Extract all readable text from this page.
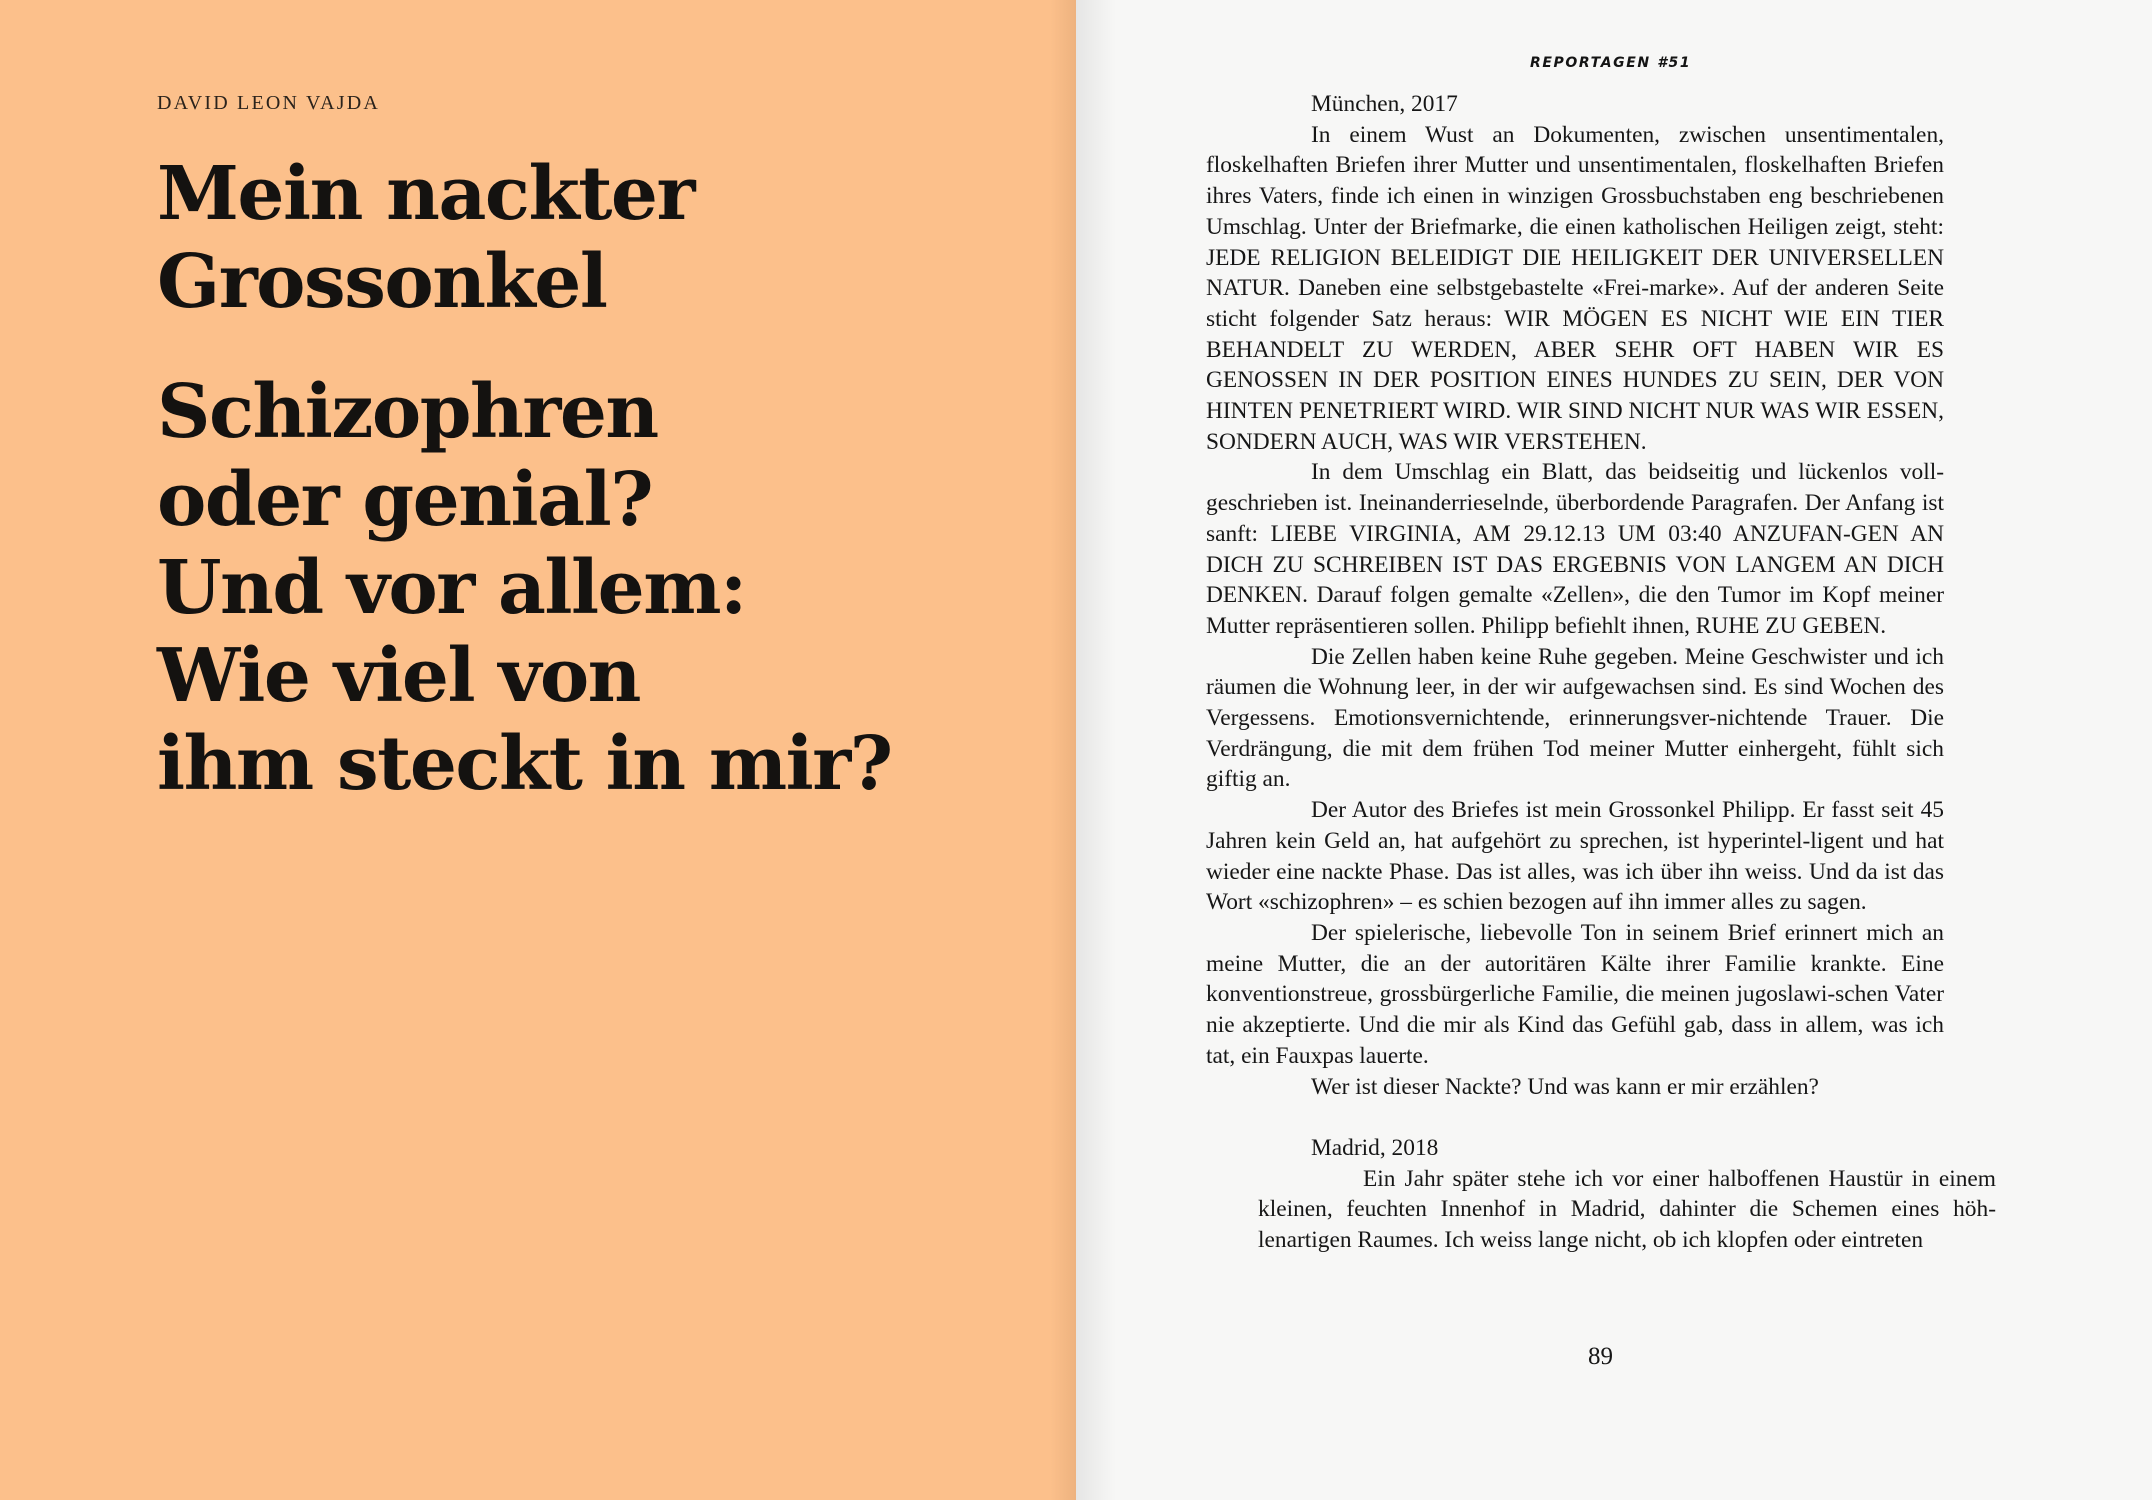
DAVID LEON VAJDA
Mein nackter
Grossonkel
Schizophren
oder genial?
Und vor allem:
Wie viel von
ihm steckt in mir?
REPORTAGEN #51
München, 2017

In einem Wust an Dokumenten, zwischen unsentimentalen, floskelhaften Briefen ihrer Mutter und unsentimentalen, floskelhaften Briefen ihres Vaters, finde ich einen in winzigen Grossbuchstaben eng beschriebenen Umschlag. Unter der Briefmarke, die einen katholischen Heiligen zeigt, steht: JEDE RELIGION BELEIDIGT DIE HEILIGKEIT DER UNIVERSELLEN NATUR. Daneben eine selbstgebastelte «Frei-marke». Auf der anderen Seite sticht folgender Satz heraus: WIR MÖGEN ES NICHT WIE EIN TIER BEHANDELT ZU WERDEN, ABER SEHR OFT HABEN WIR ES GENOSSEN IN DER POSITION EINES HUNDES ZU SEIN, DER VON HINTEN PENETRIERT WIRD. WIR SIND NICHT NUR WAS WIR ESSEN, SONDERN AUCH, WAS WIR VERSTEHEN.

In dem Umschlag ein Blatt, das beidseitig und lückenlos voll-geschrieben ist. Ineinanderrieselnde, überbordende Paragrafen. Der Anfang ist sanft: LIEBE VIRGINIA, AM 29.12.13 UM 03:40 ANZUFAN-GEN AN DICH ZU SCHREIBEN IST DAS ERGEBNIS VON LANGEM AN DICH DENKEN. Darauf folgen gemalte «Zellen», die den Tumor im Kopf meiner Mutter repräsentieren sollen. Philipp befiehlt ihnen, RUHE ZU GEBEN.

Die Zellen haben keine Ruhe gegeben. Meine Geschwister und ich räumen die Wohnung leer, in der wir aufgewachsen sind. Es sind Wochen des Vergessens. Emotionsvernichtende, erinnerungsver-nichtende Trauer. Die Verdrängung, die mit dem frühen Tod meiner Mutter einhergeht, fühlt sich giftig an.

Der Autor des Briefes ist mein Grossonkel Philipp. Er fasst seit 45 Jahren kein Geld an, hat aufgehört zu sprechen, ist hyperintel-ligent und hat wieder eine nackte Phase. Das ist alles, was ich über ihn weiss. Und da ist das Wort «schizophren» – es schien bezogen auf ihn immer alles zu sagen.

Der spielerische, liebevolle Ton in seinem Brief erinnert mich an meine Mutter, die an der autoritären Kälte ihrer Familie krankte. Eine konventionstreue, grossbürgerliche Familie, die meinen jugoslawi-schen Vater nie akzeptierte. Und die mir als Kind das Gefühl gab, dass in allem, was ich tat, ein Fauxpas lauerte.

Wer ist dieser Nackte? Und was kann er mir erzählen?

Madrid, 2018

Ein Jahr später stehe ich vor einer halboffenen Haustür in einem kleinen, feuchten Innenhof in Madrid, dahinter die Schemen eines höh-lenartigen Raumes. Ich weiss lange nicht, ob ich klopfen oder eintreten

89
